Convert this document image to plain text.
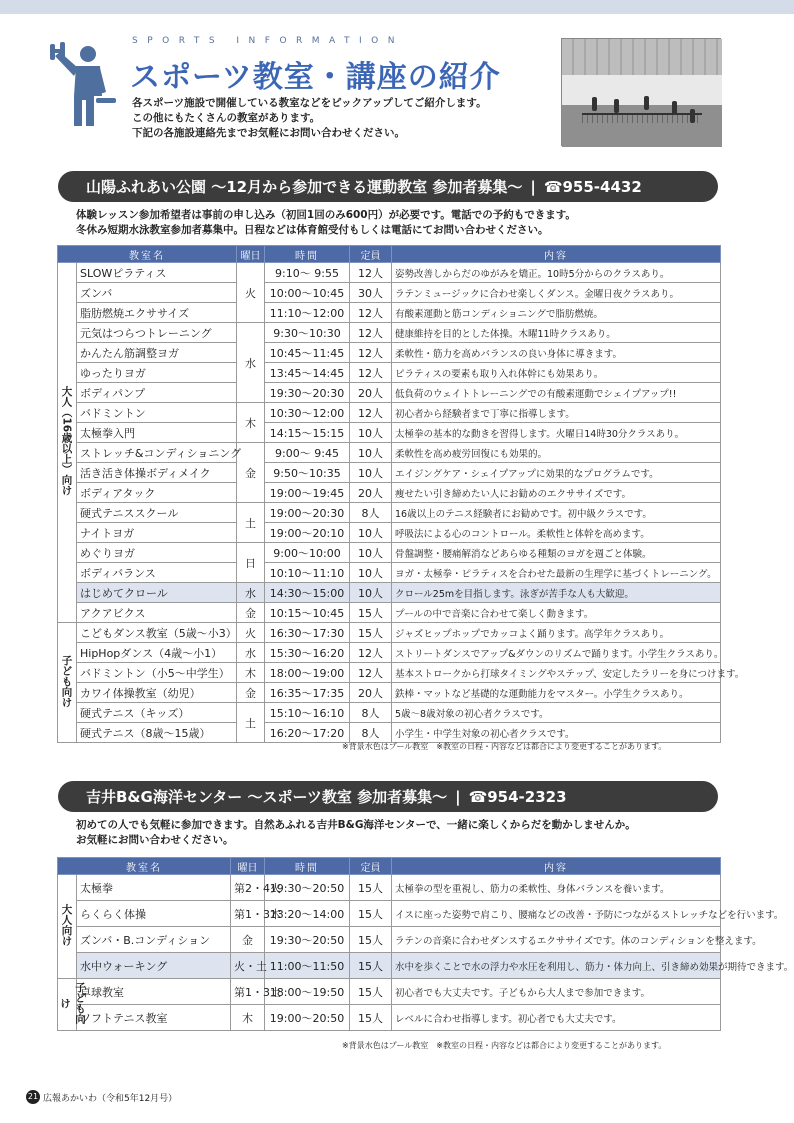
SPORTS INFORMATION
スポーツ教室・講座の紹介
各スポーツ施設で開催している教室などをピックアップしてご紹介します。
この他にもたくさんの教室があります。
下記の各施設連絡先までお気軽にお問い合わせください。
山陽ふれあい公園 〜12月から参加できる運動教室 参加者募集〜 | ☎955-4432
体験レッスン参加希望者は事前の申し込み（初回1回のみ600円）が必要です。電話での予約もできます。
冬休み短期水泳教室参加者募集中。日程などは体育館受付もしくは電話にてお問い合わせください。
教室名		曜日	時間	定員	内容
大人（16歳以上）向け	SLOWピラティス	火	9:10〜 9:55	12人	姿勢改善しからだのゆがみを矯正。10時5分からのクラスあり。
	ズンバ		10:00〜10:45	30人	ラテンミュージックに合わせ楽しくダンス。金曜日夜クラスあり。
	脂肪燃焼エクササイズ		11:10〜12:00	12人	有酸素運動と筋コンディショニングで脂肪燃焼。
	元気はつらつトレーニング	水	9:30〜10:30	12人	健康維持を目的とした体操。木曜11時クラスあり。
	かんたん筋調整ヨガ		10:45〜11:45	12人	柔軟性・筋力を高めバランスの良い身体に導きます。
	ゆったりヨガ		13:45〜14:45	12人	ピラティスの要素も取り入れ体幹にも効果あり。
	ボディパンプ		19:30〜20:30	20人	低負荷のウェイトトレーニングでの有酸素運動でシェイプアップ!!
	バドミントン	木	10:30〜12:00	12人	初心者から経験者まで丁寧に指導します。
	太極拳入門		14:15〜15:15	10人	太極拳の基本的な動きを習得します。火曜日14時30分クラスあり。
	ストレッチ&コンディショニング	金	9:00〜 9:45	10人	柔軟性を高め疲労回復にも効果的。
	活き活き体操ボディメイク		9:50〜10:35	10人	エイジングケア・シェイプアップに効果的なプログラムです。
	ボディアタック		19:00〜19:45	20人	痩せたい引き締めたい人にお勧めのエクササイズです。
	硬式テニススクール	土	19:00〜20:30	8人	16歳以上のテニス経験者にお勧めです。初中級クラスです。
	ナイトヨガ		19:00〜20:10	10人	呼吸法による心のコントロール。柔軟性と体幹を高めます。
	めぐりヨガ	日	9:00〜10:00	10人	骨盤調整・腰痛解消などあらゆる種類のヨガを週ごと体験。
	ボディバランス		10:10〜11:10	10人	ヨガ・太極拳・ピラティスを合わせた最新の生理学に基づくトレーニング。
	はじめてクロール	水	14:30〜15:00	10人	クロール25mを目指します。泳ぎが苦手な人も大歓迎。
	アクアビクス	金	10:15〜10:45	15人	プールの中で音楽に合わせて楽しく動きます。
子ども向け	こどもダンス教室（5歳〜小3）	火	16:30〜17:30	15人	ジャズヒップホップでカッコよく踊ります。高学年クラスあり。
	HipHopダンス（4歳〜小1）	水	15:30〜16:20	12人	ストリートダンスでアップ&ダウンのリズムで踊ります。小学生クラスあり。
	バドミントン（小5〜中学生）	木	18:00〜19:00	12人	基本ストロークから打球タイミングやステップ、安定したラリーを身につけます。
	カワイ体操教室（幼児）	金	16:35〜17:35	20人	鉄棒・マットなど基礎的な運動能力をマスター。小学生クラスあり。
	硬式テニス（キッズ）	土	15:10〜16:10	8人	5歳〜8歳対象の初心者クラスです。
	硬式テニス（8歳〜15歳）		16:20〜17:20	8人	小学生・中学生対象の初心者クラスです。
※背景水色はプール教室　※教室の日程・内容などは都合により変更することがあります。
吉井B&G海洋センター 〜スポーツ教室 参加者募集〜 | ☎954-2323
初めての人でも気軽に参加できます。自然あふれる吉井B&G海洋センターで、一緒に楽しくからだを動かしませんか。
お気軽にお問い合わせください。
教室名		曜日	時間	定員	内容
大人向け	太極拳	第2・4火	19:30〜20:50	15人	太極拳の型を重視し、筋力の柔軟性、身体バランスを養います。
	らくらく体操	第1・3木	13:20〜14:00	15人	イスに座った姿勢で肩こり、腰痛などの改善・予防につながるストレッチなどを行います。
	ズンバ・B.コンディション	金	19:30〜20:50	15人	ラテンの音楽に合わせダンスするエクササイズです。体のコンディションを整えます。
	水中ウォーキング	火・土	11:00〜11:50	15人	水中を歩くことで水の浮力や水圧を利用し、筋力・体力向上、引き締め効果が期待できます。
子ども向け	卓球教室	第1・3土	18:00〜19:50	15人	初心者でも大丈夫です。子どもから大人まで参加できます。
	ソフトテニス教室	木	19:00〜20:50	15人	レベルに合わせ指導します。初心者でも大丈夫です。
※背景水色はプール教室　※教室の日程・内容などは都合により変更することがあります。
21 広報あかいわ（令和5年12月号）
